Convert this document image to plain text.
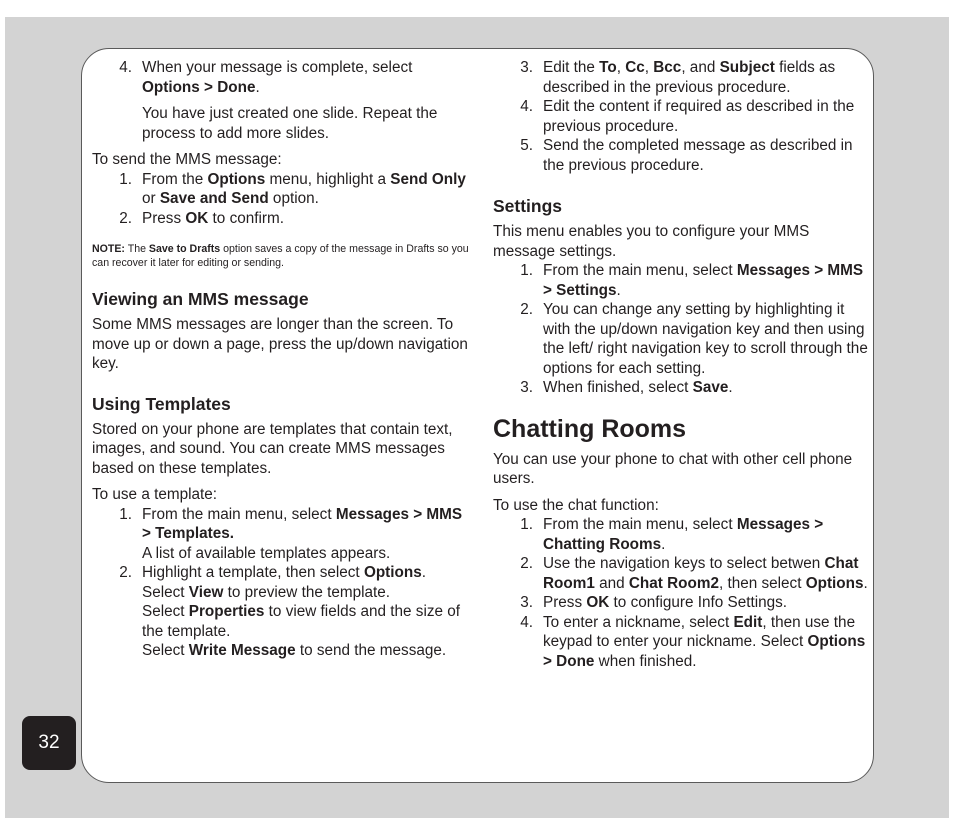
32
4. When your message is complete, select Options > Done.

You have just created one slide. Repeat the process to add more slides.

To send the MMS message:

1. From the Options menu, highlight a Send Only or Save and Send option.

2. Press OK to confirm.

NOTE: The Save to Drafts option saves a copy of the message in Drafts so you can recover it later for editing or sending.

Viewing an MMS message

Some MMS messages are longer than the screen. To move up or down a page, press the up/down navigation key.

Using Templates

Stored on your phone are templates that contain text, images, and sound. You can create MMS messages based on these templates.

To use a template:

1. From the main menu, select Messages > MMS > Templates.

A list of available templates appears.

2. Highlight a template, then select Options.

Select View to preview the template.

Select Properties to view fields and the size of the template.

Select Write Message to send the message.

3. Edit the To, Cc, Bcc, and Subject fields as described in the previous procedure.

4. Edit the content if required as described in the previous procedure.

5. Send the completed message as described in the previous procedure.

Settings

This menu enables you to configure your MMS message settings.

1. From the main menu, select Messages > MMS > Settings.

2. You can change any setting by highlighting it with the up/down navigation key and then using the left/ right navigation key to scroll through the options for each setting.

3. When finished, select Save.

Chatting Rooms

You can use your phone to chat with other cell phone users.

To use the chat function:

1. From the main menu, select Messages > Chatting Rooms.

2. Use the navigation keys to select betwen Chat Room1 and Chat Room2, then select Options.

3. Press OK to configure Info Settings.

4. To enter a nickname, select Edit, then use the keypad to enter your nickname. Select Options > Done when finished.
